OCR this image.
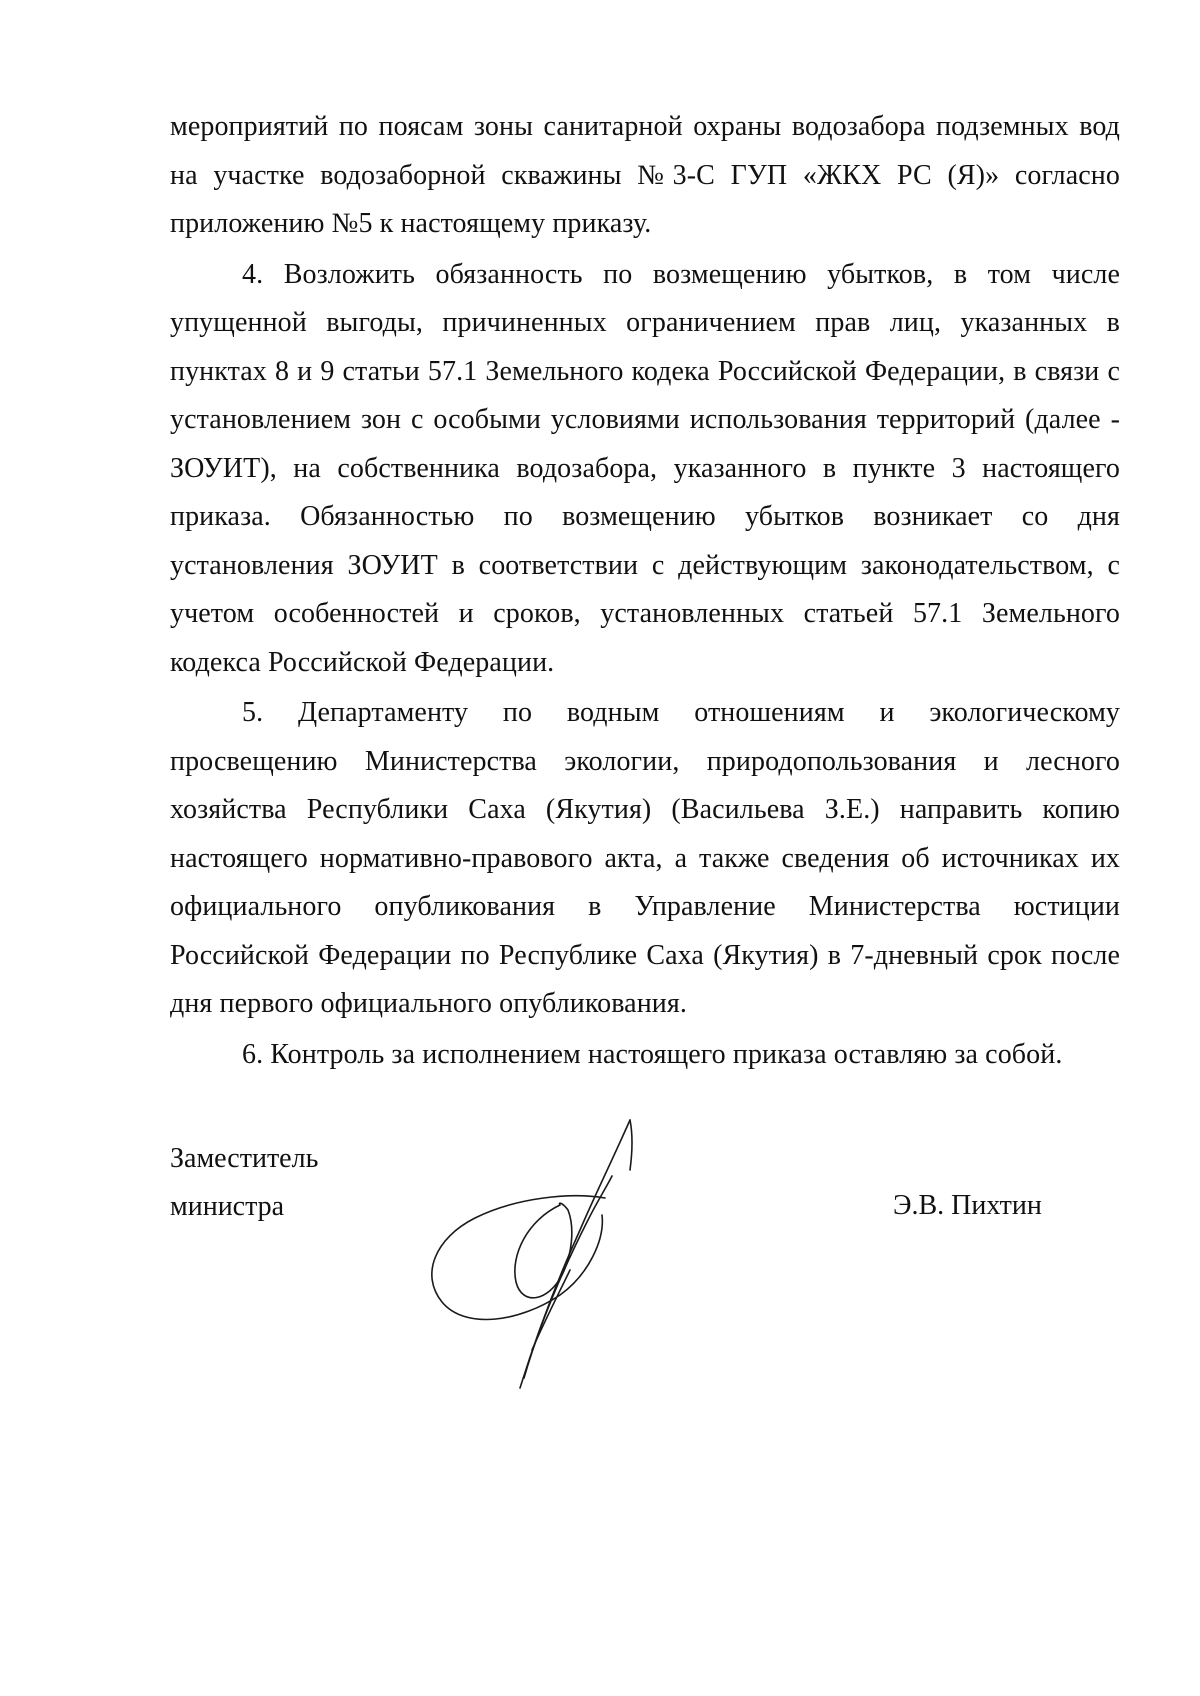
мероприятий по поясам зоны санитарной охраны водозабора подземных вод на участке водозаборной скважины №3-С ГУП «ЖКХ РС (Я)» согласно приложению №5 к настоящему приказу.

4. Возложить обязанность по возмещению убытков, в том числе упущенной выгоды, причиненных ограничением прав лиц, указанных в пунктах 8 и 9 статьи 57.1 Земельного кодека Российской Федерации, в связи с установлением зон с особыми условиями использования территорий (далее - ЗОУИТ), на собственника водозабора, указанного в пункте 3 настоящего приказа. Обязанностью по возмещению убытков возникает со дня установления ЗОУИТ в соответствии с действующим законодательством, с учетом особенностей и сроков, установленных статьей 57.1 Земельного кодекса Российской Федерации.

5. Департаменту по водным отношениям и экологическому просвещению Министерства экологии, природопользования и лесного хозяйства Республики Саха (Якутия) (Васильева З.Е.) направить копию настоящего нормативно-правового акта, а также сведения об источниках их официального опубликования в Управление Министерства юстиции Российской Федерации по Республике Саха (Якутия) в 7-дневный срок после дня первого официального опубликования.

6. Контроль за исполнением настоящего приказа оставляю за собой.

Заместитель
министра	Э.В. Пихтин
